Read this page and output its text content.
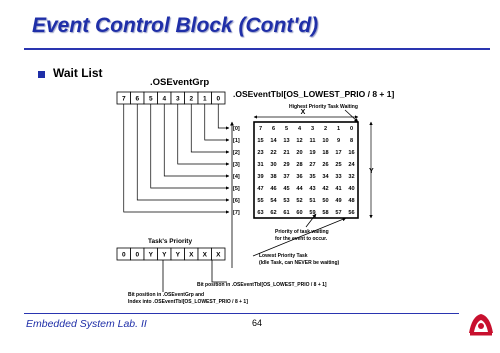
Event Control Block (Cont'd)
Wait List
.OSEventGrp
7 6 5 4 3 2 1 0 .OSEventTbl[OS_LOWEST_PRIO / 8 + 1]
Highest Priority Task Waiting
X
Y
[0]
[1]
[2]
[3]
[4]
[5]
[6]
[7]
7 6 5 4 3 2 1 0
15 14 13 12 11 10 9 8
23 22 21 20 19 18 17 16
31 30 29 28 27 26 25 24
39 38 37 36 35 34 33 32
47 46 45 44 43 42 41 40
55 54 53 52 51 50 49 48
63 62 61 60 59 58 57 56
Priority of task waiting
for the event to occur.
Task's Priority
0 0 Y Y Y X X X	Lowest Priority Task
(Idle Task, can NEVER be waiting)
Bit position in .OSEventTbl[OS_LOWEST_PRIO / 8 + 1]
Bit position in .OSEventGrp and
Index into .OSEventTbl[OS_LOWEST_PRIO / 8 + 1]
Embedded System Lab. II	64
